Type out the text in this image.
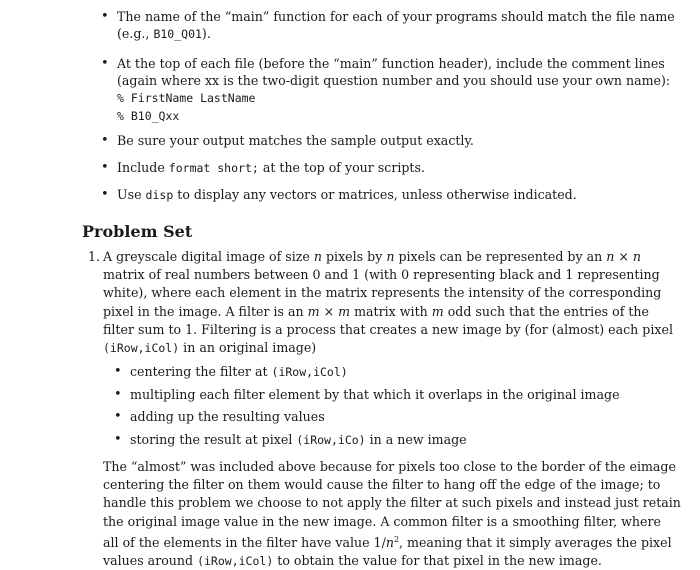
• The name of the “main” function for each of your programs should match the file name
(e.g., B10_Q01).
• At the top of each file (before the “main” function header), include the comment lines
(again where xx is the two-digit question number and you should use your own name):
% FirstName LastName
% B10_Qxx
• Be sure your output matches the sample output exactly.
• Include format short; at the top of your scripts.
• Use disp to display any vectors or matrices, unless otherwise indicated.
Problem Set
1. A greyscale digital image of size n pixels by n pixels can be represented by an n × n
matrix of real numbers between 0 and 1 (with 0 representing black and 1 representing
white), where each element in the matrix represents the intensity of the corresponding
pixel in the image. A filter is an m × m matrix with m odd such that the entries of the
filter sum to 1. Filtering is a process that creates a new image by (for (almost) each pixel
(iRow,iCol) in an original image)
• centering the filter at (iRow,iCol)
• multipling each filter element by that which it overlaps in the original image
• adding up the resulting values
• storing the result at pixel (iRow,iCo) in a new image
The “almost” was included above because for pixels too close to the border of the eimage
centering the filter on them would cause the filter to hang off the edge of the image; to
handle this problem we choose to not apply the filter at such pixels and instead just retain
the original image value in the new image. A common filter is a smoothing filter, where
all of the elements in the filter have value $1/n^2$, meaning that it simply averages the pixel
values around (iRow,iCol) to obtain the value for that pixel in the new image.
